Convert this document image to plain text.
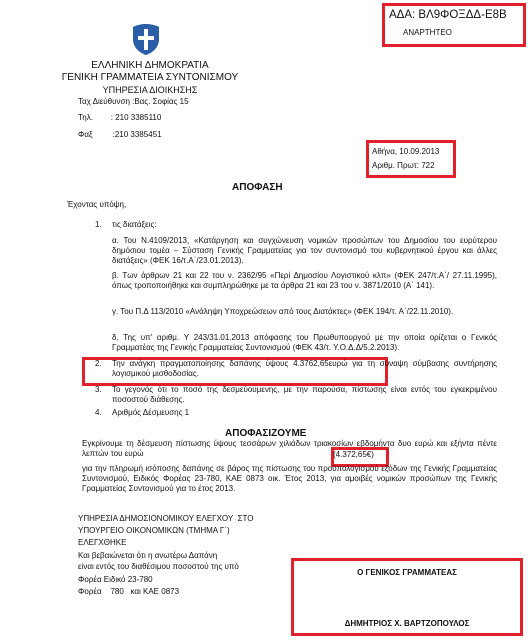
ΑΔΑ: ΒΛ9ΦΟΞΔΔ-Ε8Β
ΑΝΑΡΤΗΤΕΟ
ΕΛΛΗΝΙΚΗ ΔΗΜΟΚΡΑΤΙΑ
ΓΕΝΙΚΗ ΓΡΑΜΜΑΤΕΙΑ ΣΥΝΤΟΝΙΣΜΟΥ
ΥΠΗΡΕΣΙΑ ΔΙΟΙΚΗΣΗΣ
Ταχ Διεύθυνση :Βας. Σοφίας 15
Τηλ.        : 210 3385110
Φαξ         :210 3385451
Αθήνα, 10.09.2013
Αριθμ. Πρωτ: 722
ΑΠΟΦΑΣΗ
Έχοντας υπόψη,
1. τις διατάξεις:
α. Του Ν.4109/2013, «Κατάργηση και συγχώνευση νομικών προσώπων του Δημοσίου του ευρύτερου δημόσιου τομέα – Σύσταση Γενικής Γραμματείας για τον συντονισμό του κυβερνητικού έργου και άλλες διατάξεις» (ΦΕΚ 16/τ.Α΄/23.01.2013).
β. Των άρθρων 21 και 22 του ν. 2362/95 «Περί Δημοσίου Λογιστικού κλπ» (ΦΕΚ 247/τ.Α΄/ 27.11.1995), όπως τροποποιήθηκε και συμπληρώθηκε με τα άρθρα 21 και 23 του ν. 3871/2010 (Α΄ 141).
γ. Του Π.Δ 113/2010 «Ανάληψη Υποχρεώσεων από τους Διατάκτες» (ΦΕΚ 194/τ. Α΄/22.11.2010).
δ. Της υπ' αριθμ. Υ 243/31.01.2013 απόφασης του Πρωθυπουργού με την οποία ορίζεται ο Γενικός Γραμματέας της Γενικής Γραμματείας Συντονισμού (ΦΕΚ 43/τ. Υ.Ο.Δ.Δ/5.2.2013).
2. Την ανάγκη πραγματοποίησης δαπάνης ύψους 4.3762,65ευρώ για τη σύναψη σύμβασης συντήρησης λογισμικού μισθοδοσίας.
3. Το γεγονός ότι το ποσό της δεσμεύουμενης, με την παρούσα, πίστωσης είναι εντός του εγκεκριμένου ποσοστού διάθεσης.
4. Αριθμός Δέσμευσης 1
ΑΠΟΦΑΣΙΖΟΥΜΕ
Εγκρίνουμε τη δέσμευση πίστωσης ύψους τεσσάρων χιλιάδων τριακοσίων εβδομήντα δυο ευρώ και εξήντα πέντε λεπτών του ευρώ	(4.372,65€)
για την πληρωμή ισόποσης δαπάνης σε βάρος της πίστωσης του προϋπολογισμού εξόδων της Γενικής Γραμματείας Συντονισμού, Ειδικός Φορέας 23-780, ΚΑΕ 0873 οικ. Έτος 2013, για αμοιβές νομικών προσώπων της Γενικής Γραμματείας Συντονισμού για το έτος 2013.
ΥΠΗΡΕΣΙΑ ΔΗΜΟΣΙΟΝΟΜΙΚΟΥ ΕΛΕΓΧΟΥ  ΣΤΟ
ΥΠΟΥΡΓΕΙΟ ΟΙΚΟΝΟΜΙΚΩΝ (ΤΜΗΜΑ Γ΄)
ΕΛΕΓΧΘΗΚΕ
Και βεβαιώνεται ότι η ανωτέρω Δαπάνη
είναι εντός του διαθέσιμου ποσοστού της υπό
Φορέα Ειδικό 23-780
Φορέα    780   και ΚΑΕ 0873
Ο ΓΕΝΙΚΟΣ ΓΡΑΜΜΑΤΕΑΣ
ΔΗΜΗΤΡΙΟΣ Χ. ΒΑΡΤΖΟΠΟΥΛΟΣ
